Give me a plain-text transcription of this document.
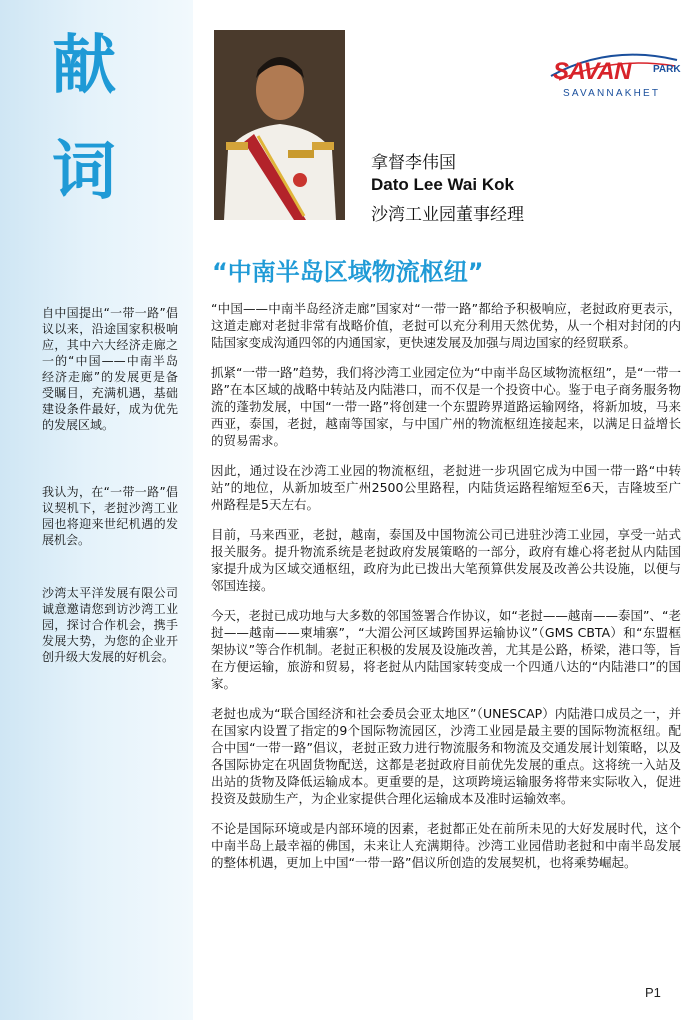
献
词

自中国提出“一带一路”倡议以来，沿途国家积极响应，其中六大经济走廊之一的“中国——中南半岛经济走廊”的发展更是备受瞩目，充满机遇，基础建设条件最好，成为优先的发展区域。

我认为，在“一带一路”倡议契机下，老挝沙湾工业园也将迎来世纪机遇的发展机会。

沙湾太平洋发展有限公司诚意邀请您到访沙湾工业园，探讨合作机会，携手发展大势，为您的企业开创升级大发展的好机会。

SAVAN PARK
SAVANNAKHET

拿督李伟国

Dato Lee Wai Kok

沙湾工业园董事经理

“中南半岛区域物流枢纽”

“中国——中南半岛经济走廊”国家对“一带一路”都给予积极响应，老挝政府更表示，这道走廊对老挝非常有战略价值，老挝可以充分利用天然优势，从一个相对封闭的内陆国家变成沟通四邻的内通国家，更快速发展及加强与周边国家的经贸联系。

抓紧“一带一路”趋势，我们将沙湾工业园定位为“中南半岛区域物流枢纽”，是“一带一路”在本区域的战略中转站及内陆港口，而不仅是一个投资中心。鉴于电子商务服务物流的蓬勃发展，中国“一带一路”将创建一个东盟跨界道路运输网络，将新加坡，马来西亚，泰国，老挝，越南等国家，与中国广州的物流枢纽连接起来，以满足日益增长的贸易需求。

因此，通过设在沙湾工业园的物流枢纽，老挝进一步巩固它成为中国一带一路“中转站”的地位，从新加坡至广州2500公里路程，内陆货运路程缩短至6天，吉隆坡至广州路程是5天左右。

目前，马来西亚，老挝，越南，泰国及中国物流公司已进驻沙湾工业园，享受一站式报关服务。提升物流系统是老挝政府发展策略的一部分，政府有雄心将老挝从内陆国家提升成为区域交通枢纽，政府为此已拨出大笔预算供发展及改善公共设施，以便与邻国连接。

今天，老挝已成功地与大多数的邻国签署合作协议，如“老挝——越南——泰国”、“老挝——越南——柬埔寨”，“大湄公河区域跨国界运输协议”（GMS CBTA）和“东盟框架协议”等合作机制。老挝正积极的发展及设施改善，尤其是公路，桥梁，港口等，旨在方便运输，旅游和贸易，将老挝从内陆国家转变成一个四通八达的“内陆港口”的国家。

老挝也成为“联合国经济和社会委员会亚太地区”（UNESCAP）内陆港口成员之一，并在国家内设置了指定的9个国际物流园区，沙湾工业园是最主要的国际物流枢纽。配合中国“一带一路”倡议，老挝正致力进行物流服务和物流及交通发展计划策略，以及各国际协定在巩固货物配送，这都是老挝政府目前优先发展的重点。这将统一入站及出站的货物及降低运输成本。更重要的是，这项跨境运输服务将带来实际收入，促进投资及鼓励生产，为企业家提供合理化运输成本及准时运输效率。

不论是国际环境或是内部环境的因素，老挝都正处在前所未见的大好发展时代，这个中南半岛上最幸福的佛国，未来让人充满期待。沙湾工业园借助老挝和中南半岛发展的整体机遇，更加上中国“一带一路”倡议所创造的发展契机，也将乘势崛起。

P1
